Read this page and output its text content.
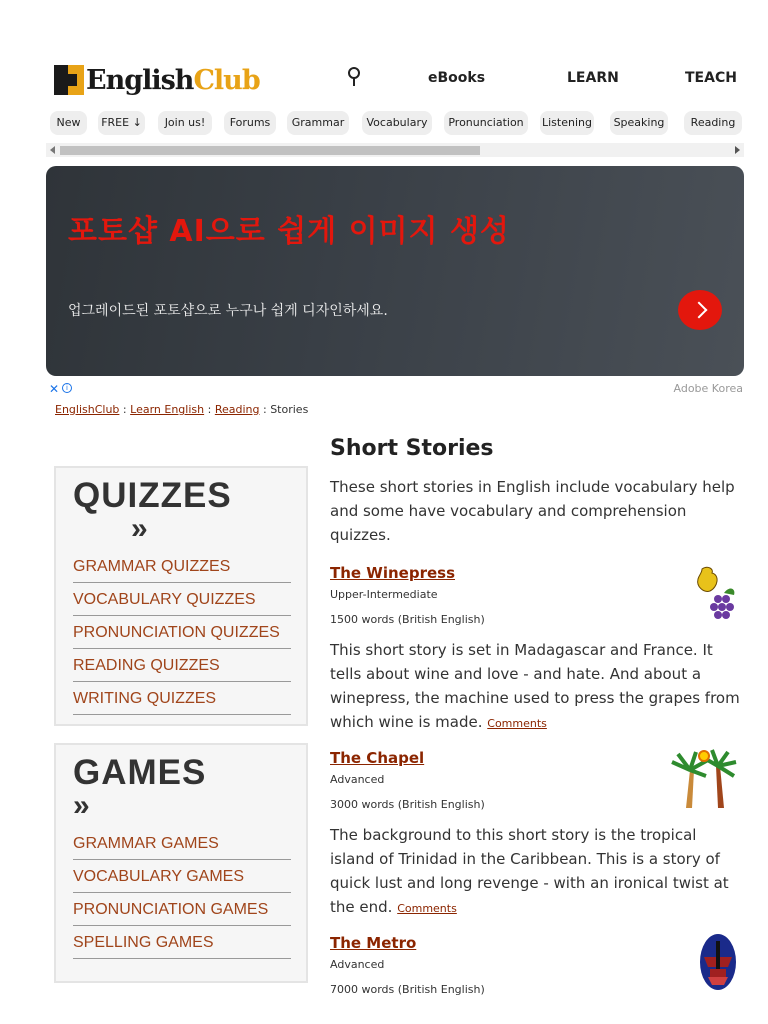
EnglishClub	eBooks	LEARN	TEACH
New	FREE ↓	Join us!	Forums	Grammar	Vocabulary	Pronunciation	Listening	Speaking	Reading
포토샵 AI으로 쉽게 이미지 생성
업그레이드된 포토샵으로 누구나 쉽게 디자인하세요.
✕ i	Adobe Korea
EnglishClub : Learn English : Reading : Stories
QUIZZES
»
GRAMMAR QUIZZES
VOCABULARY QUIZZES
PRONUNCIATION QUIZZES
READING QUIZZES
WRITING QUIZZES
GAMES
»
GRAMMAR GAMES
VOCABULARY GAMES
PRONUNCIATION GAMES
SPELLING GAMES
Short Stories
These short stories in English include vocabulary help and some have vocabulary and comprehension quizzes.
The Winepress
Upper-Intermediate
1500 words (British English)
This short story is set in Madagascar and France. It tells about wine and love - and hate. And about a winepress, the machine used to press the grapes from which wine is made. Comments
The Chapel
Advanced
3000 words (British English)
The background to this short story is the tropical island of Trinidad in the Caribbean. This is a story of quick lust and long revenge - with an ironical twist at the end. Comments
The Metro
Advanced
7000 words (British English)
